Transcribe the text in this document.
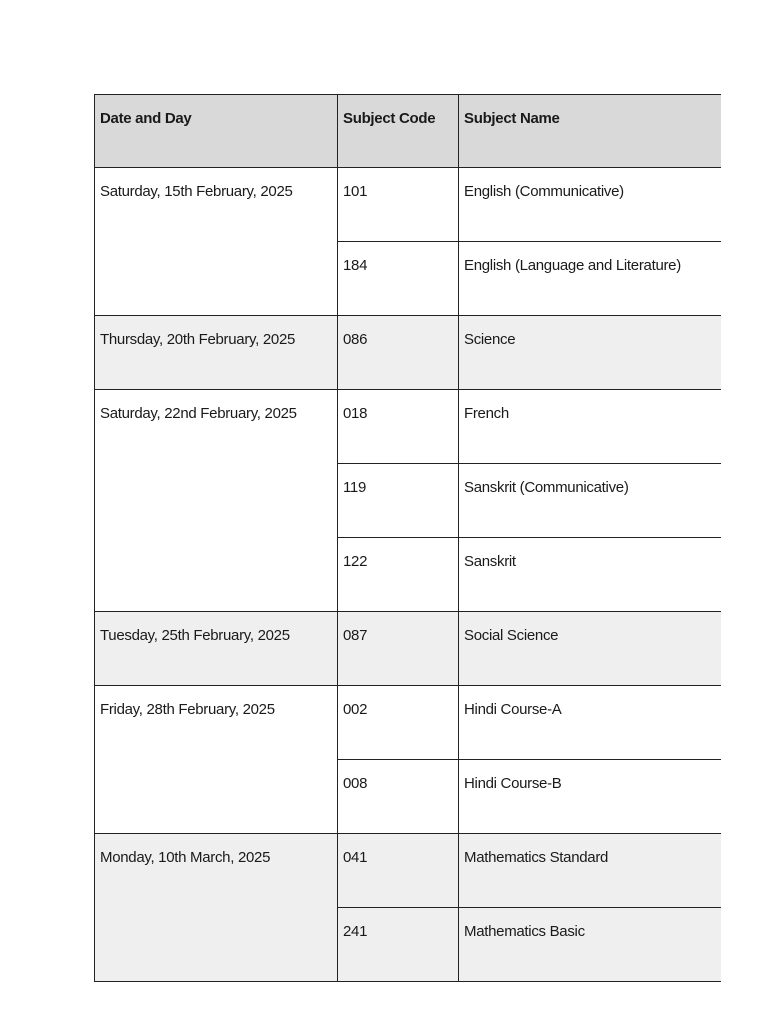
Date and Day	Subject Code	Subject Name
Saturday, 15th February, 2025	101	English (Communicative)
	184	English (Language and Literature)
Thursday, 20th February, 2025	086	Science
Saturday, 22nd February, 2025	018	French
	119	Sanskrit (Communicative)
	122	Sanskrit
Tuesday, 25th February, 2025	087	Social Science
Friday, 28th February, 2025	002	Hindi Course-A
	008	Hindi Course-B
Monday, 10th March, 2025	041	Mathematics Standard
	241	Mathematics Basic
